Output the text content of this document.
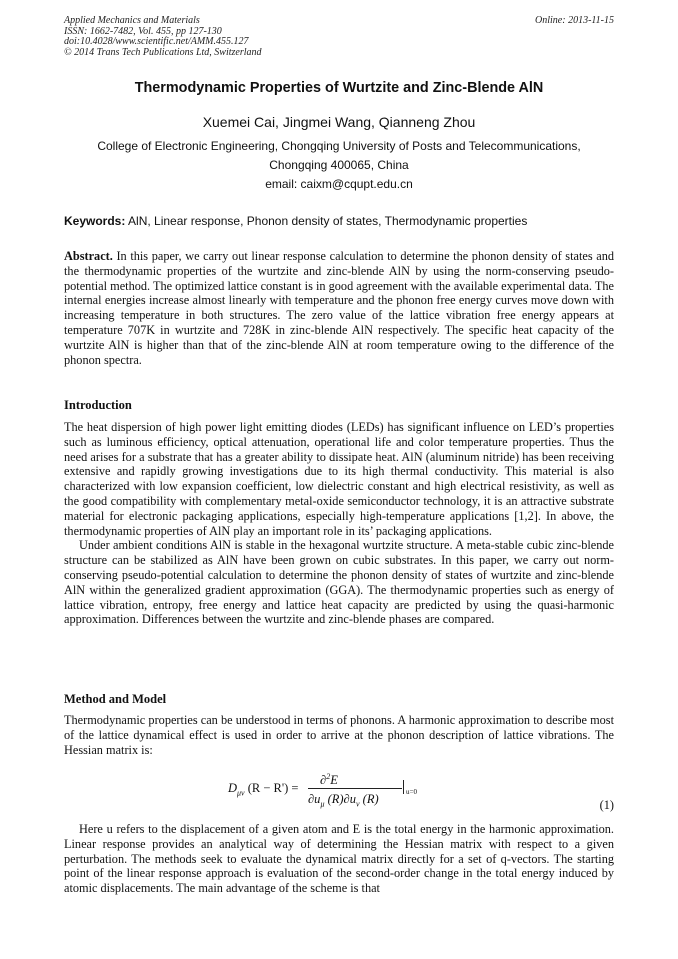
Applied Mechanics and Materials
ISSN: 1662-7482, Vol. 455, pp 127-130
doi:10.4028/www.scientific.net/AMM.455.127
© 2014 Trans Tech Publications Ltd, Switzerland
Online: 2013-11-15
Thermodynamic Properties of Wurtzite and Zinc-Blende AlN
Xuemei Cai, Jingmei Wang, Qianneng Zhou
College of Electronic Engineering, Chongqing University of Posts and Telecommunications,
Chongqing 400065, China
email: caixm@cqupt.edu.cn
Keywords: AlN, Linear response, Phonon density of states, Thermodynamic properties
Abstract. In this paper, we carry out linear response calculation to determine the phonon density of states and the thermodynamic properties of the wurtzite and zinc-blende AlN by using the norm-conserving pseudo-potential method. The optimized lattice constant is in good agreement with the available experimental data. The internal energies increase almost linearly with temperature and the phonon free energy curves move down with increasing temperature in both structures. The zero value of the lattice vibration free energy appears at temperature 707K in wurtzite and 728K in zinc-blende AlN respectively. The specific heat capacity of the wurtzite AlN is higher than that of the zinc-blende AlN at room temperature owing to the difference of the phonon spectra.
Introduction
The heat dispersion of high power light emitting diodes (LEDs) has significant influence on LED’s properties such as luminous efficiency, optical attenuation, operational life and color temperature properties. Thus the need arises for a substrate that has a greater ability to dissipate heat. AlN (aluminum nitride) has been receiving extensive and rapidly growing investigations due to its high thermal conductivity. This material is also characterized with low expansion coefficient, low dielectric constant and high electrical resistivity, as well as the good compatibility with complementary metal-oxide semiconductor technology, it is an attractive substrate material for electronic packaging applications, especially high-temperature applications [1,2]. In above, the thermodynamic properties of AlN play an important role in its’ packaging applications.
Under ambient conditions AlN is stable in the hexagonal wurtzite structure. A meta-stable cubic zinc-blende structure can be stabilized as AlN have been grown on cubic substrates. In this paper, we carry out norm-conserving pseudo-potential calculation to determine the phonon density of states of wurtzite and zinc-blende AlN within the generalized gradient approximation (GGA). The thermodynamic properties such as energy of lattice vibration, entropy, free energy and lattice heat capacity are predicted by using the quasi-harmonic approximation. Differences between the wurtzite and zinc-blende phases are compared.
Method and Model
Thermodynamic properties can be understood in terms of phonons. A harmonic approximation to describe most of the lattice dynamical effect is used in order to arrive at the phonon description of lattice vibrations. The Hessian matrix is:
$D_{\mu\nu}$ (R − R') =
∂$^2$E
$\partial u_\mu$ $(R)\partial u_\nu$ (R)	u=0
(1)
Here u refers to the displacement of a given atom and E is the total energy in the harmonic approximation. Linear response provides an analytical way of determining the Hessian matrix with respect to a given perturbation. The methods seek to evaluate the dynamical matrix directly for a set of q-vectors. The starting point of the linear response approach is evaluation of the second-order change in the total energy induced by atomic displacements. The main advantage of the scheme is that
